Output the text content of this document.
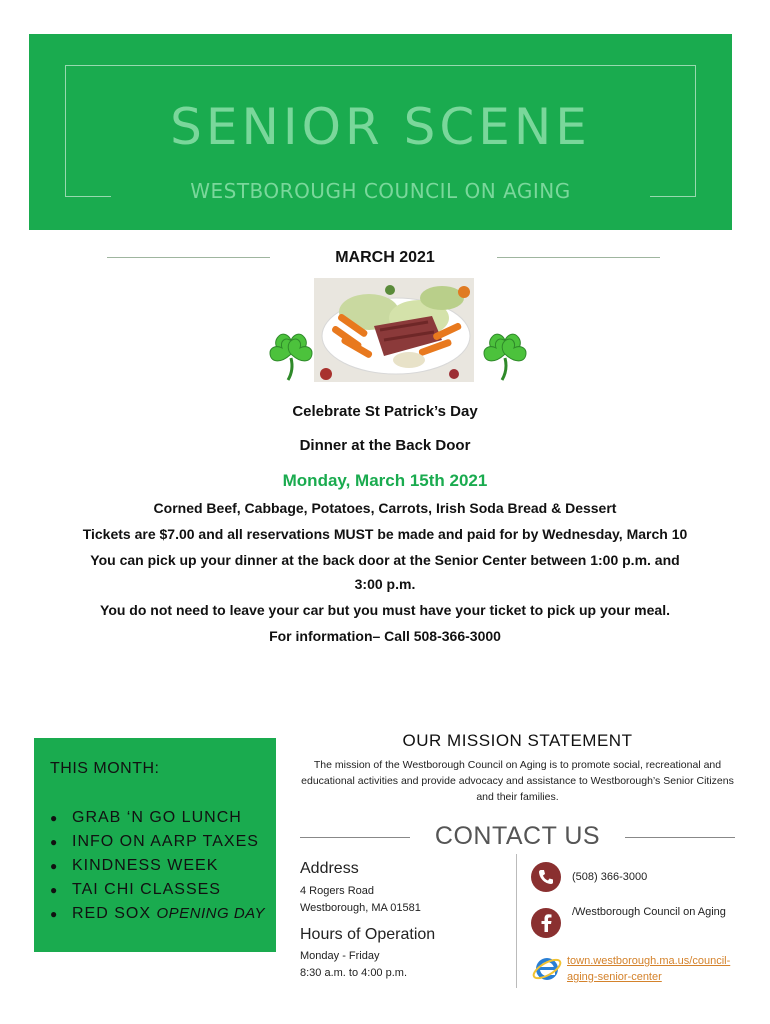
SENIOR SCENE
WESTBOROUGH COUNCIL ON AGING
MARCH 2021
Celebrate St Patrick’s Day
Dinner at the Back Door
Monday, March 15th 2021
Corned Beef, Cabbage, Potatoes, Carrots, Irish Soda Bread & Dessert
Tickets are $7.00 and all reservations MUST be made and paid for by Wednesday, March 10
You can pick up your dinner at the back door at the Senior Center between 1:00 p.m. and
3:00 p.m.
You do not need to leave your car but you must have your ticket to pick up your meal.
For information– Call 508-366-3000
THIS MONTH:
● GRAB ‘N GO LUNCH
● INFO ON AARP TAXES
● KINDNESS WEEK
● TAI CHI CLASSES
● RED SOX OPENING DAY
OUR MISSION STATEMENT
The mission of the Westborough Council on Aging is to promote social, recreational and educational activities and provide advocacy and assistance to Westborough’s Senior Citizens and their families.
CONTACT US
Address
4 Rogers Road
Westborough, MA 01581
Hours of Operation
Monday - Friday
8:30 a.m. to 4:00 p.m.
(508) 366-3000
/Westborough Council on Aging
town.westborough.ma.us/council-
aging-senior-center
